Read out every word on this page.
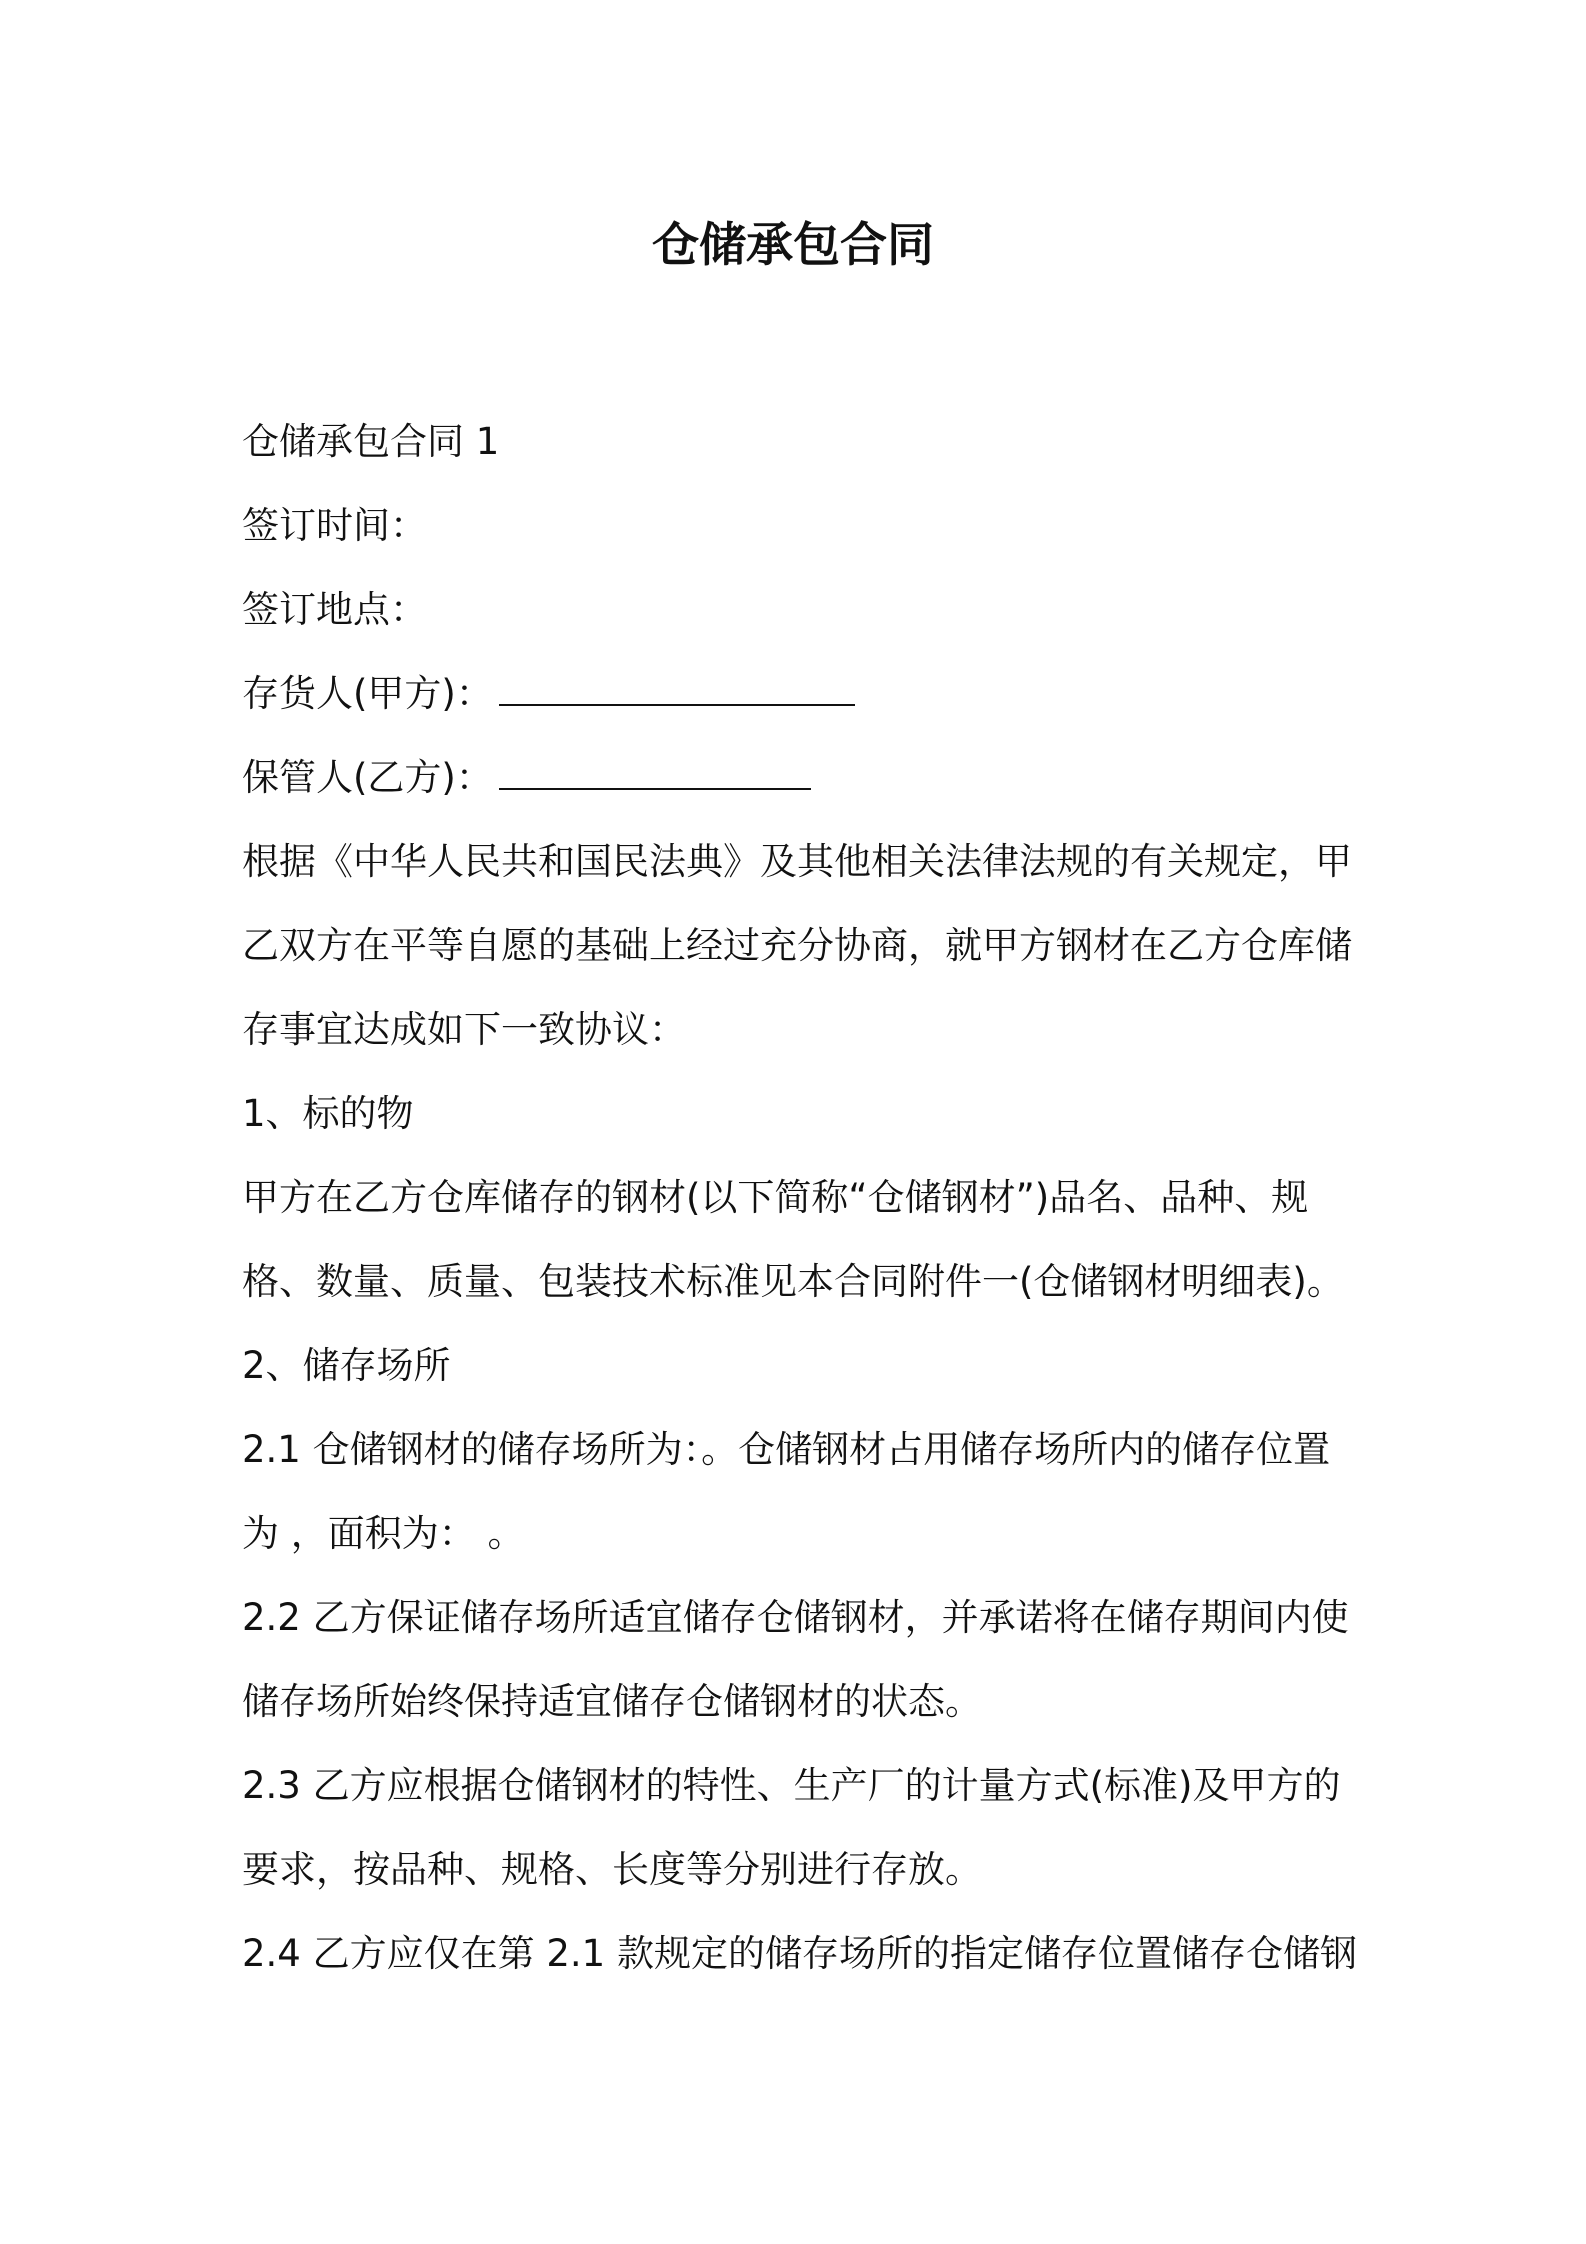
仓储承包合同

仓储承包合同 1

签订时间：

签订地点：

存货人(甲方)：

保管人(乙方)：

根据《中华人民共和国民法典》及其他相关法律法规的有关规定，甲

乙双方在平等自愿的基础上经过充分协商，就甲方钢材在乙方仓库储

存事宜达成如下一致协议：

1、标的物

甲方在乙方仓库储存的钢材(以下简称“仓储钢材”)品名、品种、规

格、数量、质量、包装技术标准见本合同附件一(仓储钢材明细表)。

2、储存场所

2.1 仓储钢材的储存场所为：。仓储钢材占用储存场所内的储存位置

为 ，面积为： 。

2.2 乙方保证储存场所适宜储存仓储钢材，并承诺将在储存期间内使

储存场所始终保持适宜储存仓储钢材的状态。

2.3 乙方应根据仓储钢材的特性、生产厂的计量方式(标准)及甲方的

要求，按品种、规格、长度等分别进行存放。

2.4 乙方应仅在第 2.1 款规定的储存场所的指定储存位置储存仓储钢
